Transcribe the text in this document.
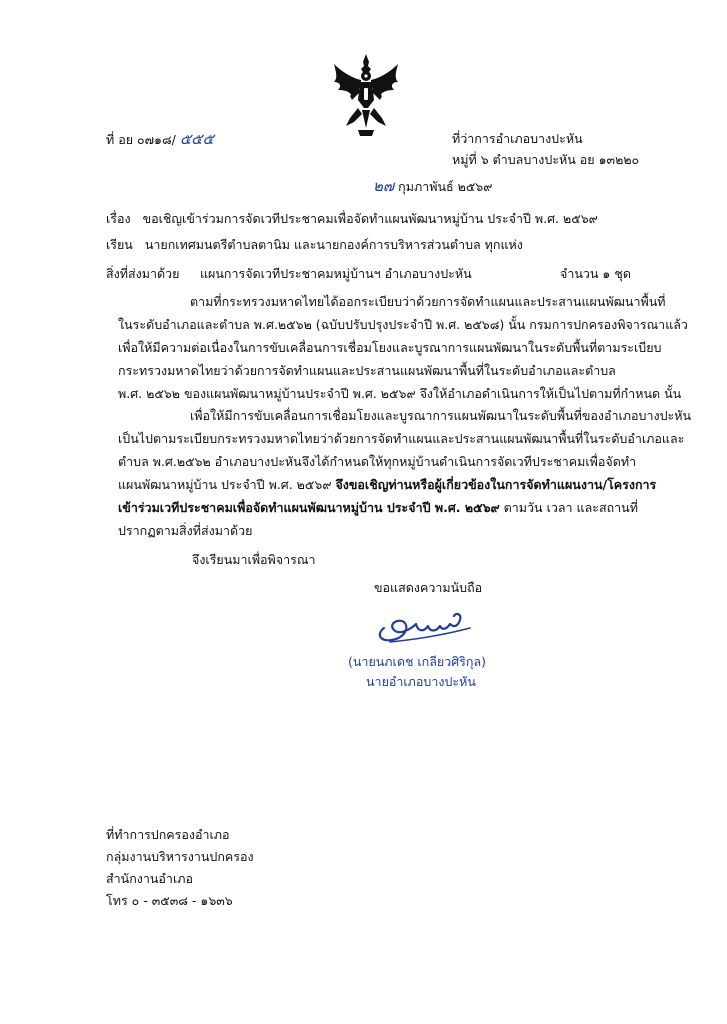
ที่ อย ๐๗๑๘/ ๕๕๕	ที่ว่าการอำเภอบางปะหัน
หมู่ที่ ๖ ตำบลบางปะหัน อย ๑๓๒๒๐
๒๗ กุมภาพันธ์ ๒๕๖๙
เรื่อง ขอเชิญเข้าร่วมการจัดเวทีประชาคมเพื่อจัดทำแผนพัฒนาหมู่บ้าน ประจำปี พ.ศ. ๒๕๖๙
เรียน นายกเทศมนตรีตำบลตานิม และนายกองค์การบริหารส่วนตำบล ทุกแห่ง
สิ่งที่ส่งมาด้วย แผนการจัดเวทีประชาคมหมู่บ้านฯ อำเภอบางปะหัน	จำนวน ๑ ชุด
ตามที่กระทรวงมหาดไทยได้ออกระเบียบว่าด้วยการจัดทำแผนและประสานแผนพัฒนาพื้นที่
ในระดับอำเภอและตำบล พ.ศ.๒๕๖๒ (ฉบับปรับปรุงประจำปี พ.ศ. ๒๕๖๘) นั้น กรมการปกครองพิจารณาแล้ว
เพื่อให้มีความต่อเนื่องในการขับเคลื่อนการเชื่อมโยงและบูรณาการแผนพัฒนาในระดับพื้นที่ตามระเบียบ
กระทรวงมหาดไทยว่าด้วยการจัดทำแผนและประสานแผนพัฒนาพื้นที่ในระดับอำเภอและตำบล
พ.ศ. ๒๕๖๒ ของแผนพัฒนาหมู่บ้านประจำปี พ.ศ. ๒๕๖๙ จึงให้อำเภอดำเนินการให้เป็นไปตามที่กำหนด นั้น
เพื่อให้มีการขับเคลื่อนการเชื่อมโยงและบูรณาการแผนพัฒนาในระดับพื้นที่ของอำเภอบางปะหัน
เป็นไปตามระเบียบกระทรวงมหาดไทยว่าด้วยการจัดทำแผนและประสานแผนพัฒนาพื้นที่ในระดับอำเภอและ
ตำบล พ.ศ.๒๕๖๒ อำเภอบางปะหันจึงได้กำหนดให้ทุกหมู่บ้านดำเนินการจัดเวทีประชาคมเพื่อจัดทำ
แผนพัฒนาหมู่บ้าน ประจำปี พ.ศ. ๒๕๖๙ จึงขอเชิญท่านหรือผู้เกี่ยวข้องในการจัดทำแผนงาน/โครงการ
เข้าร่วมเวทีประชาคมเพื่อจัดทำแผนพัฒนาหมู่บ้าน ประจำปี พ.ศ. ๒๕๖๙ ตามวัน เวลา และสถานที่
ปรากฏตามสิ่งที่ส่งมาด้วย
จึงเรียนมาเพื่อพิจารณา
ขอแสดงความนับถือ
(นายนภเดช เกลียวศิริกุล)
นายอำเภอบางปะหัน
ที่ทำการปกครองอำเภอ
กลุ่มงานบริหารงานปกครอง
สำนักงานอำเภอ
โทร ๐ - ๓๕๓๘ - ๑๖๓๖
